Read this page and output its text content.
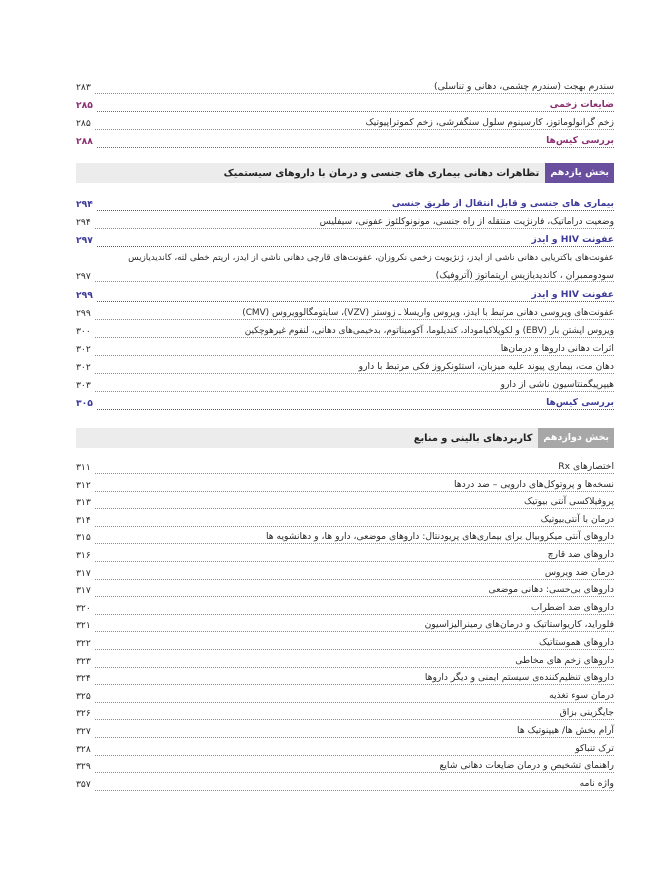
سندرم بهجت (سندرم چشمی، دهانی و تناسلی)
۲۸۳
ضایعات زخمی
۲۸۵
زخم گرانولوماتوز، کارسینوم سلول سنگفرشی، زخم کموتراپیوتیک
۲۸۵
بررسی کیس‌ها
۲۸۸
بخش یازدهم
تظاهرات دهانی بیماری های جنسی و درمان با داروهای سیستمیک
بیماری های جنسی و قابل انتقال از طریق جنسی
۲۹۴
وضعیت دراماتیک، فارنژیت منتقله از راه جنسی، مونونوکلئوز عفونی، سیفلیس
۲۹۴
عفونت HIV و ایدز
۲۹۷
عفونت‌های باکتریایی دهانی ناشی از ایدز، ژنژیویت زخمی نکروزان، عفونت‌های قارچی دهانی ناشی از ایدز، اریتم خطی لثه، کاندیدیازیس
سودوممبران ، کاندیدیازیس اریتماتوز (آتروفیک)
۲۹۷
عفونت HIV و ایدز
۲۹۹
عفونت‌های ویروسی دهانی مرتبط با ایدز، ویروس واریسلا ـ زوستر (VZV)، سایتومگالوویروس (CMV)
۲۹۹
ویروس اپشتن بار (EBV) و لکوپلاکیاموداد، کندیلوما، آکومیناتوم، بدخیمی‌های دهانی، لنفوم غیرهوچکین
۳۰۰
اثرات دهانی داروها و درمان‌ها
۳۰۲
دهان مت، بیماری پیوند علیه میزبان، استئونکروز فکی مرتبط با دارو
۳۰۲
هیپرپیگمنتاسیون ناشی از دارو
۳۰۳
بررسی کیس‌ها
۳۰۵
بخش دوازدهم
کاربردهای بالینی و منابع
اختصارهای Rx
۳۱۱
نسخه‌ها و پروتوکل‌های دارویی – ضد دردها
۳۱۲
پروفیلاکسی آنتی بیوتیک
۳۱۳
درمان با آنتی‌بیوتیک
۳۱۴
داروهای آنتی میکروبیال برای بیماری‌های پریودنتال: داروهای موضعی، دارو ها، و دهانشویه ها
۳۱۵
داروهای ضد قارچ
۳۱۶
درمان ضد ویروس
۳۱۷
داروهای بی‌حسی: دهانی موضعی
۳۱۷
داروهای ضد اضطراب
۳۲۰
فلوراید، کاریواستاتیک و درمان‌های رمینرالیزاسیون
۳۲۱
داروهای هموستاتیک
۳۲۲
داروهای زخم های مخاطی
۳۲۳
داروهای تنظیم‌کننده‌ی سیستم ایمنی و دیگر داروها
۳۲۴
درمان سوء تغذیه
۳۲۵
جایگزینی بزاق
۳۲۶
آرام بخش ها/ هیپنوتیک ها
۳۲۷
ترک تنباکو
۳۲۸
راهنمای تشخیص و درمان ضایعات دهانی شایع
۳۲۹
واژه نامه
۳۵۷
